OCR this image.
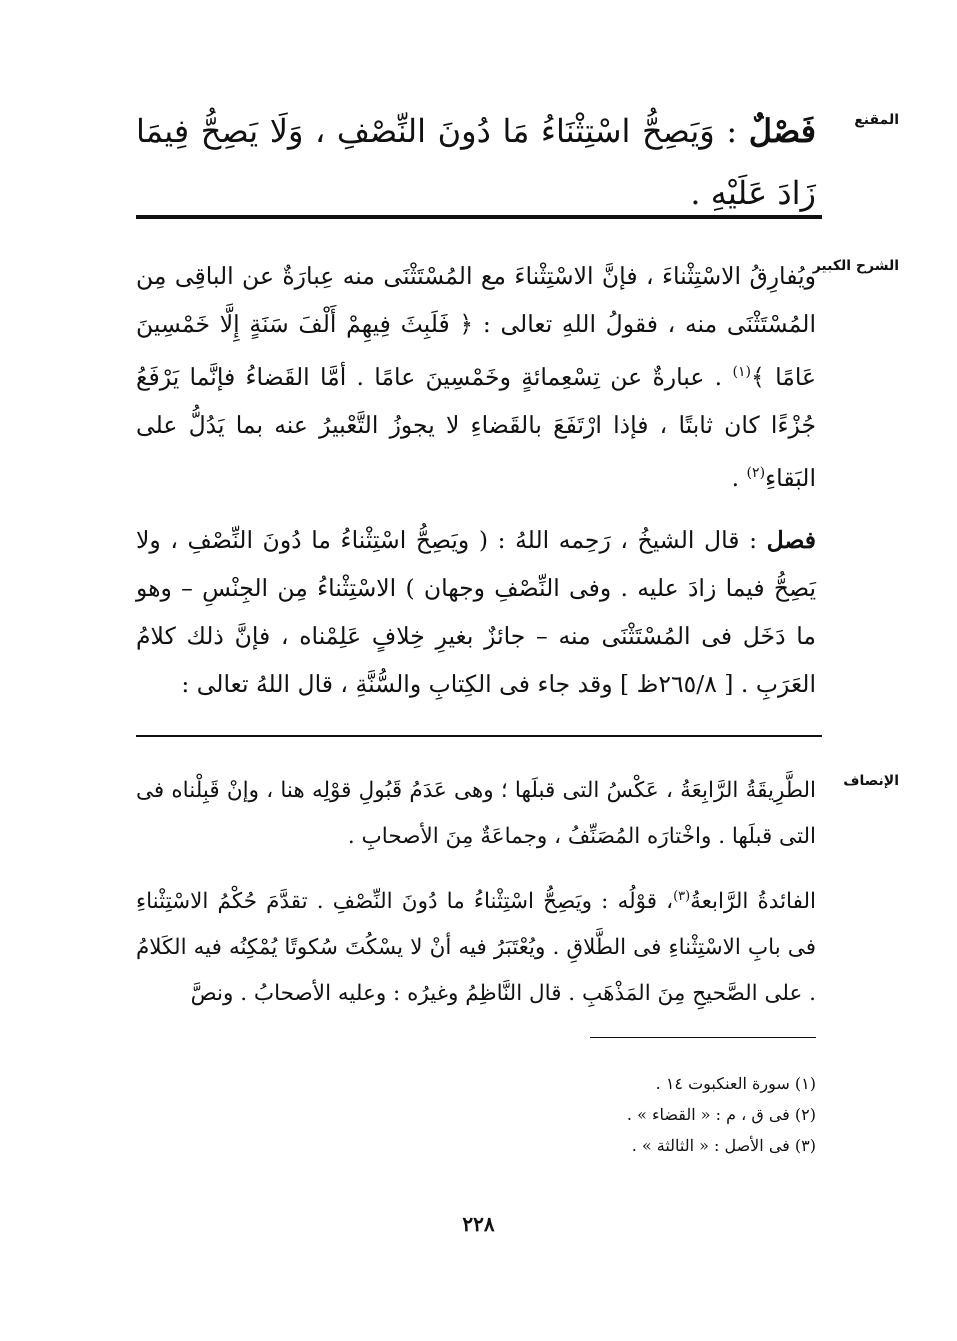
المقنع
فَصْلٌ : وَيَصِحُّ اسْتِثْنَاءُ مَا دُونَ النِّصْفِ ، وَلَا يَصِحُّ فِيمَا زَادَ عَلَيْهِ .
الشرح الكبير
ويُفارِقُ الاسْتِثْناءَ ، فإنَّ الاسْتِثْناءَ مع المُسْتَثْنَى منه عِبارَةٌ عن الباقِى مِن المُسْتَثْنَى منه ، فقولُ اللهِ تعالى : ﴿ فَلَبِثَ فِيهِمْ أَلْفَ سَنَةٍ إِلَّا خَمْسِينَ عَامًا ﴾$^{(١)}$ . عبارةٌ عن تِسْعِمائةٍ وخَمْسِينَ عامًا . أمَّا القَضاءُ فإنَّما يَرْفَعُ جُزْءًا كان ثابتًا ، فإذا ارْتَفَعَ بالقَضاءِ لا يجوزُ التَّعْبيرُ عنه بما يَدُلُّ على البَقاءِ$^{(٢)}$ .
فصل : قال الشيخُ ، رَحِمه اللهُ : ( ويَصِحُّ اسْتِثْناءُ ما دُونَ النِّصْفِ ، ولا يَصِحُّ فيما زادَ عليه . وفى النِّصْفِ وجهان ) الاسْتِثْناءُ مِن الجِنْسِ – وهو ما دَخَل فى المُسْتَثْنَى منه – جائزٌ بغيرِ خِلافٍ عَلِمْناه ، فإنَّ ذلك كلامُ العَرَبِ . [ ٢٦٥/٨ظ ] وقد جاء فى الكِتابِ والسُّنَّةِ ، قال اللهُ تعالى :
الإنصاف
الطَّرِيقَةُ الرَّابِعَةُ ، عَكْسُ التى قبلَها ؛ وهى عَدَمُ قَبُولِ قوْلِه هنا ، وإنْ قَبِلْناه فى التى قبلَها . واخْتارَه المُصَنِّفُ ، وجماعَةٌ مِنَ الأصحابِ .
الفائدةُ الرَّابعةُ$^{(٣)}$، قوْلُه : ويَصِحُّ اسْتِثْناءُ ما دُونَ النِّصْفِ . تقدَّمَ حُكْمُ الاسْتِثْناءِ فى بابِ الاسْتِثْناءِ فى الطَّلاقِ . ويُعْتَبَرُ فيه أنْ لا يسْكُتَ سُكوتًا يُمْكِنُه فيه الكَلامُ . على الصَّحيحِ مِنَ المَذْهَبِ . قال النَّاظِمُ وغيرُه : وعليه الأصحابُ . ونصَّ
(١) سورة العنكبوت ١٤ .
(٢) فى ق ، م : « القضاء » .
(٣) فى الأصل : « الثالثة » .
٢٢٨
